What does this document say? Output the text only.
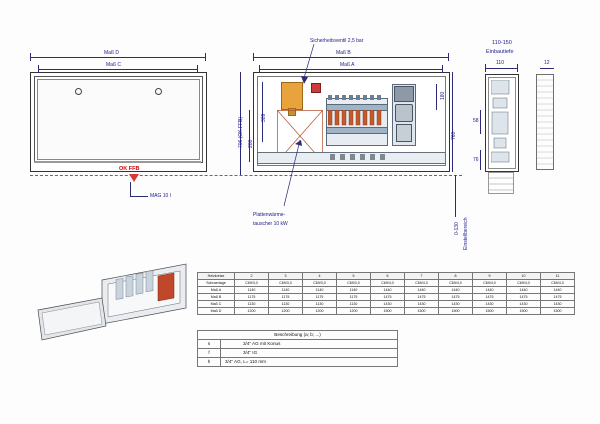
Maß D
Maß C
OK FFB
MAG 10 l
Sicherheitsventil 2,5 bar
Plattenwärme-
tauscher 10 kW
Maß B
Maß A
706 (OK FFB) 200
309
180
760
0-130 Einstellbereich
110-150
Einbautiefe
110	12
58
76
Heizkreise	2	3	4	5	6	7	8	9	10	11
Schraertage	C69/3,0	C69/3,0	C69/3,0	C69/3,0	C69/4,0	C69/4,0	C69/4,0	C69/4,0	C69/4,0	C69/4,0
Maß A	1140	1140	1140	1140	1440	1440	1440	1440	1440	1440
Maß B	1175	1175	1175	1175	1475	1475	1475	1475	1475	1475
Maß C	1130	1130	1130	1130	1430	1430	1430	1430	1430	1430
Maß D	1200	1200	1200	1200	1500	1500	1500	1500	1500	1500
Beschreibung (a; b; ...)	
s	3/4" AG mit Konus
f	3/4" IG
h	3/4" AG, L= 110 mm
